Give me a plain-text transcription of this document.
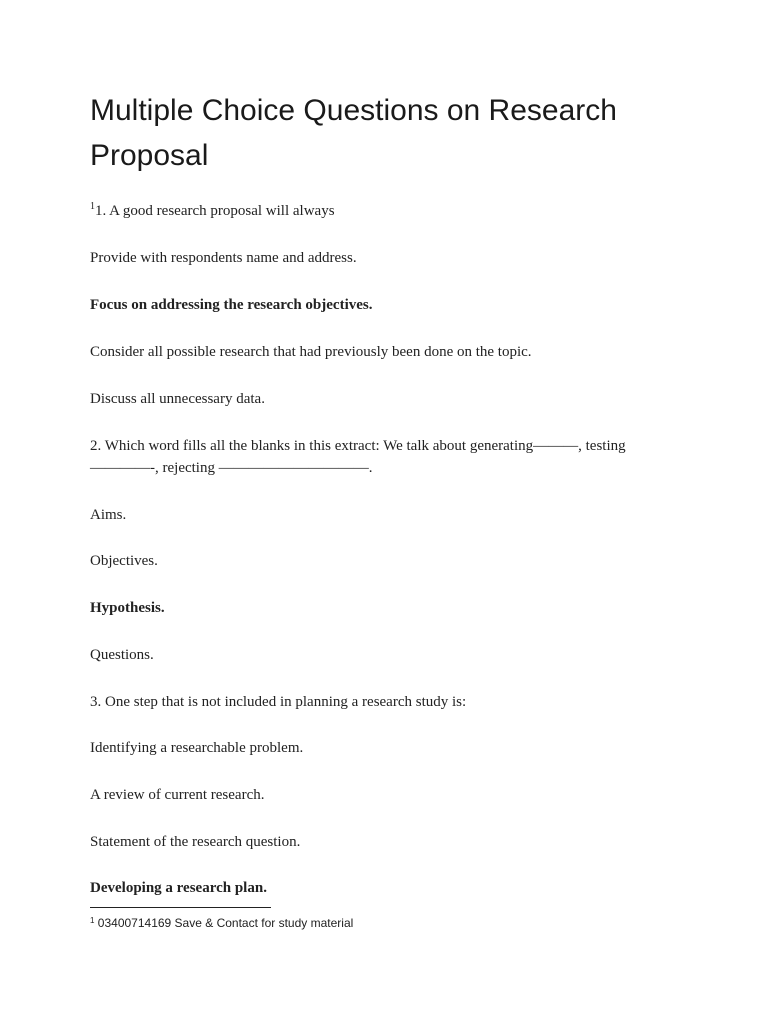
Multiple Choice Questions on Research Proposal

$^1$1. A good research proposal will always

Provide with respondents name and address.

Focus on addressing the research objectives.

Consider all possible research that had previously been done on the topic.

Discuss all unnecessary data.

2. Which word fills all the blanks in this extract: We talk about generating———, testing————-, rejecting ——————————.

Aims.

Objectives.

Hypothesis.

Questions.

3. One step that is not included in planning a research study is:

Identifying a researchable problem.

A review of current research.

Statement of the research question.

Developing a research plan.

$^1$ 03400714169 Save & Contact for study material
